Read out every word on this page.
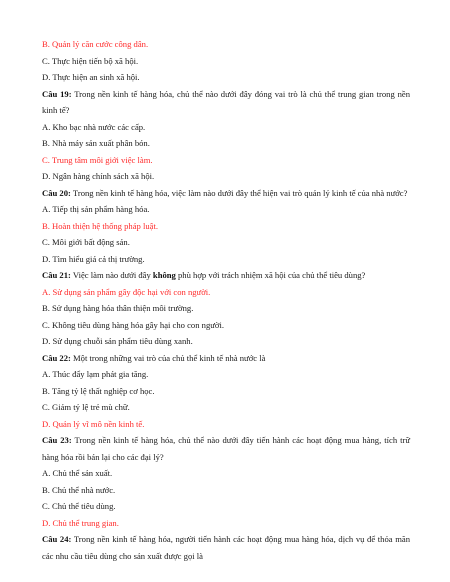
B. Quản lý căn cước công dân.
C. Thực hiện tiến bộ xã hội.
D. Thực hiện an sinh xã hội.
Câu 19: Trong nền kinh tế hàng hóa, chủ thể nào dưới đây đóng vai trò là chủ thể trung gian trong nền kinh tế?
A. Kho bạc nhà nước các cấp.
B. Nhà máy sản xuất phân bón.
C. Trung tâm môi giới việc làm.
D. Ngân hàng chính sách xã hội.
Câu 20: Trong nền kinh tế hàng hóa, việc làm nào dưới đây thể hiện vai trò quản lý kinh tế của nhà nước?
A. Tiếp thị sản phẩm hàng hóa.
B. Hoàn thiện hệ thống pháp luật.
C. Môi giới bất động sản.
D. Tìm hiểu giá cả thị trường.
Câu 21: Việc làm nào dưới đây không phù hợp với trách nhiệm xã hội của chủ thể tiêu dùng?
A. Sử dụng sản phẩm gây độc hại với con người.
B. Sử dụng hàng hóa thân thiện môi trường.
C. Không tiêu dùng hàng hóa gây hại cho con người.
D. Sử dụng chuỗi sản phẩm tiêu dùng xanh.
Câu 22: Một trong những vai trò của chủ thể kinh tế nhà nước là
A. Thúc đẩy lạm phát gia tăng.
B. Tăng tỷ lệ thất nghiệp cơ học.
C. Giảm tỷ lệ trẻ mù chữ.
D. Quản lý vĩ mô nền kinh tế.
Câu 23: Trong nền kinh tế hàng hóa, chủ thể nào dưới đây tiến hành các hoạt động mua hàng, tích trữ hàng hóa rồi bán lại cho các đại lý?
A. Chủ thể sản xuất.
B. Chủ thể nhà nước.
C. Chủ thể tiêu dùng.
D. Chủ thể trung gian.
Câu 24: Trong nền kinh tế hàng hóa, người tiến hành các hoạt động mua hàng hóa, dịch vụ để thỏa mãn các nhu cầu tiêu dùng cho sản xuất được gọi là
